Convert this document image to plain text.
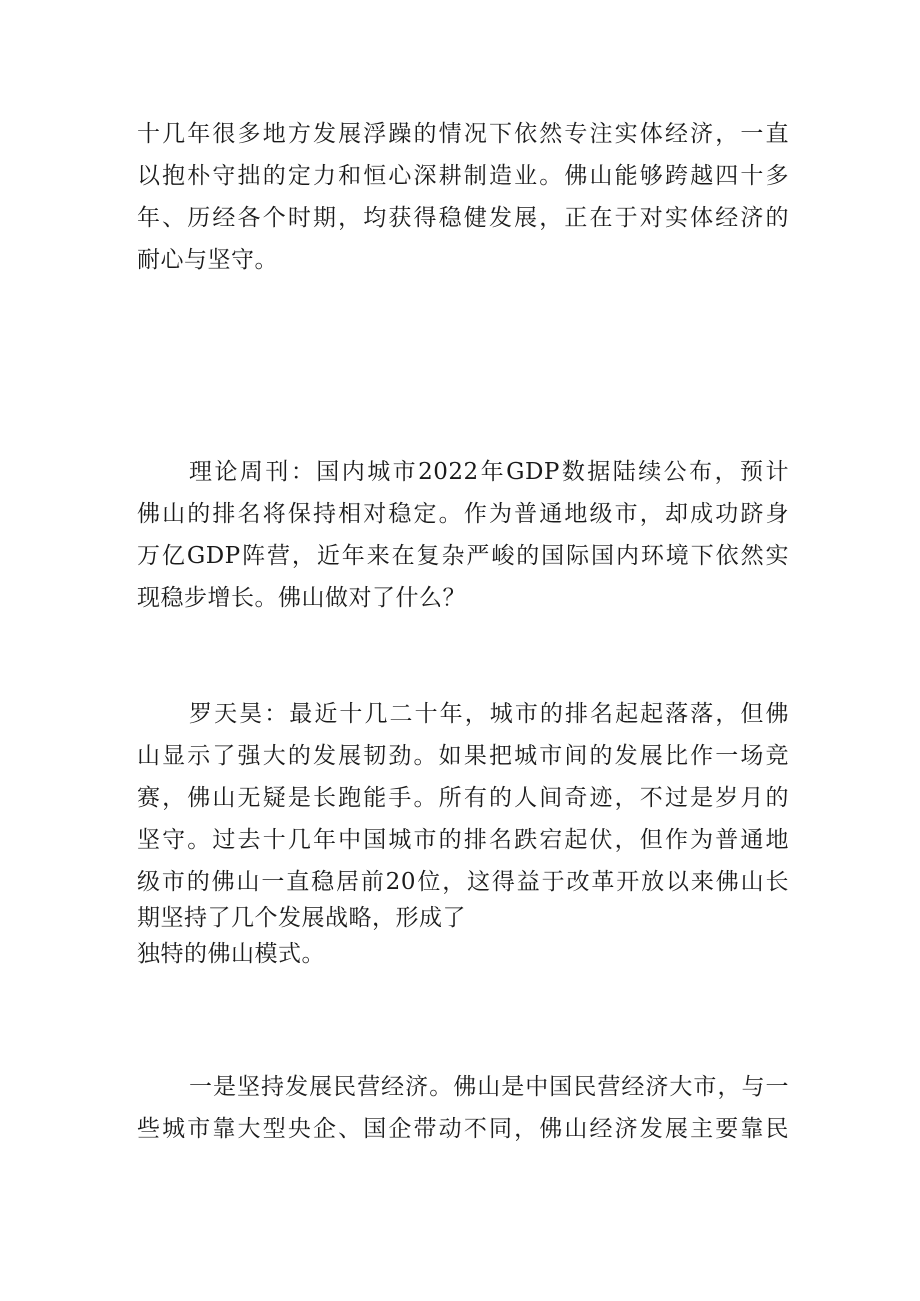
十几年很多地方发展浮躁的情况下依然专注实体经济，一直
以抱朴守拙的定力和恒心深耕制造业。佛山能够跨越四十多
年、历经各个时期，均获得稳健发展，正在于对实体经济的
耐心与坚守。
理论周刊：国内城市2022年GDP数据陆续公布，预计
佛山的排名将保持相对稳定。作为普通地级市，却成功跻身
万亿GDP阵营，近年来在复杂严峻的国际国内环境下依然实
现稳步增长。佛山做对了什么？
罗天昊：最近十几二十年，城市的排名起起落落，但佛
山显示了强大的发展韧劲。如果把城市间的发展比作一场竞
赛，佛山无疑是长跑能手。所有的人间奇迹，不过是岁月的
坚守。过去十几年中国城市的排名跌宕起伏，但作为普通地
级市的佛山一直稳居前20位，这得益于改革开放以来佛山长
期坚持了几个发展战略，形成了
独特的佛山模式。
一是坚持发展民营经济。佛山是中国民营经济大市，与一
些城市靠大型央企、国企带动不同，佛山经济发展主要靠民
